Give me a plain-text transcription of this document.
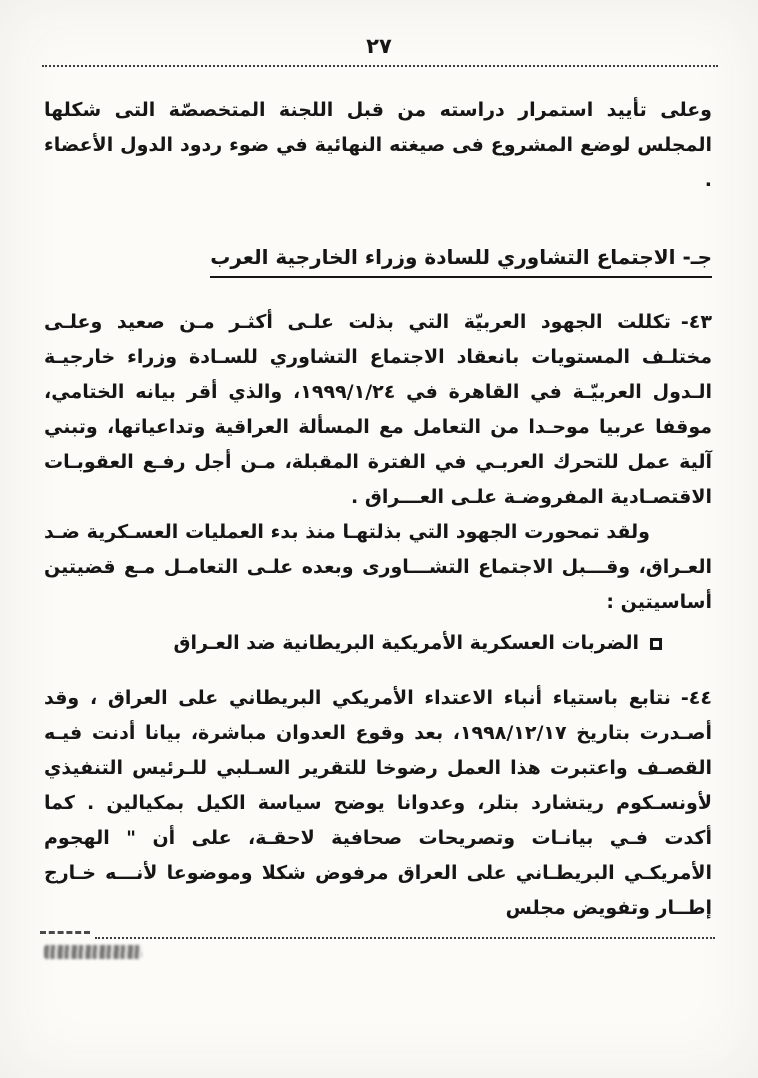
٢٧

وعلى تأييد استمرار دراسته من قبل اللجنة المتخصصّة التى شكلها المجلس لوضع المشروع فى صيغته النهائية في ضوء ردود الدول الأعضاء .

جـ- الاجتماع التشاوري للسادة وزراء الخارجية العرب

٤٣-تكللت الجهود العربيّة التي بذلت علـى أكثـر مـن صعيد وعلـى مختلـف المستويات بانعقاد الاجتماع التشاوري للسـادة وزراء خارجيـة الـدول العربيّـة في القاهرة في ١٩٩٩/١/٢٤، والذي أقر بيانه الختامي، موقفا عربيا موحـدا من التعامل مع المسألة العراقية وتداعياتها، وتبني آلية عمل للتحرك العربـي في الفترة المقبلة، مـن أجل رفـع العقوبـات الاقتصـادية المفروضـة علـى العـــراق .

ولقد تمحورت الجهود التي بذلتهـا منذ بدء العمليات العسـكرية ضـد العـراق، وقـــبل الاجتماع التشـــاورى وبعده علـى التعامـل مـع قضيتين أساسيتين :

الضربات العسكرية الأمريكية البريطانية ضد العـراق

٤٤-نتابع باستياء أنباء الاعتداء الأمريكي البريطاني على العراق ، وقد أصـدرت بتاريخ ١٩٩٨/١٢/١٧، بعد وقوع العدوان مباشرة، بيانا أدنت فيـه القصـف واعتبرت هذا العمل رضوخا للتقرير السـلبي للـرئيس التنفيذي لأونسـكوم ريتشارد بتلر، وعدوانا يوضح سياسة الكيل بمكيالين . كما أكدت فـي بيانـات وتصريحات صحافية لاحقـة، على أن " الهجوم الأمريكـي البريطـاني على العراق مرفوض شكلا وموضوعا لأنـــه خـارج إطــار وتفويض مجلس
